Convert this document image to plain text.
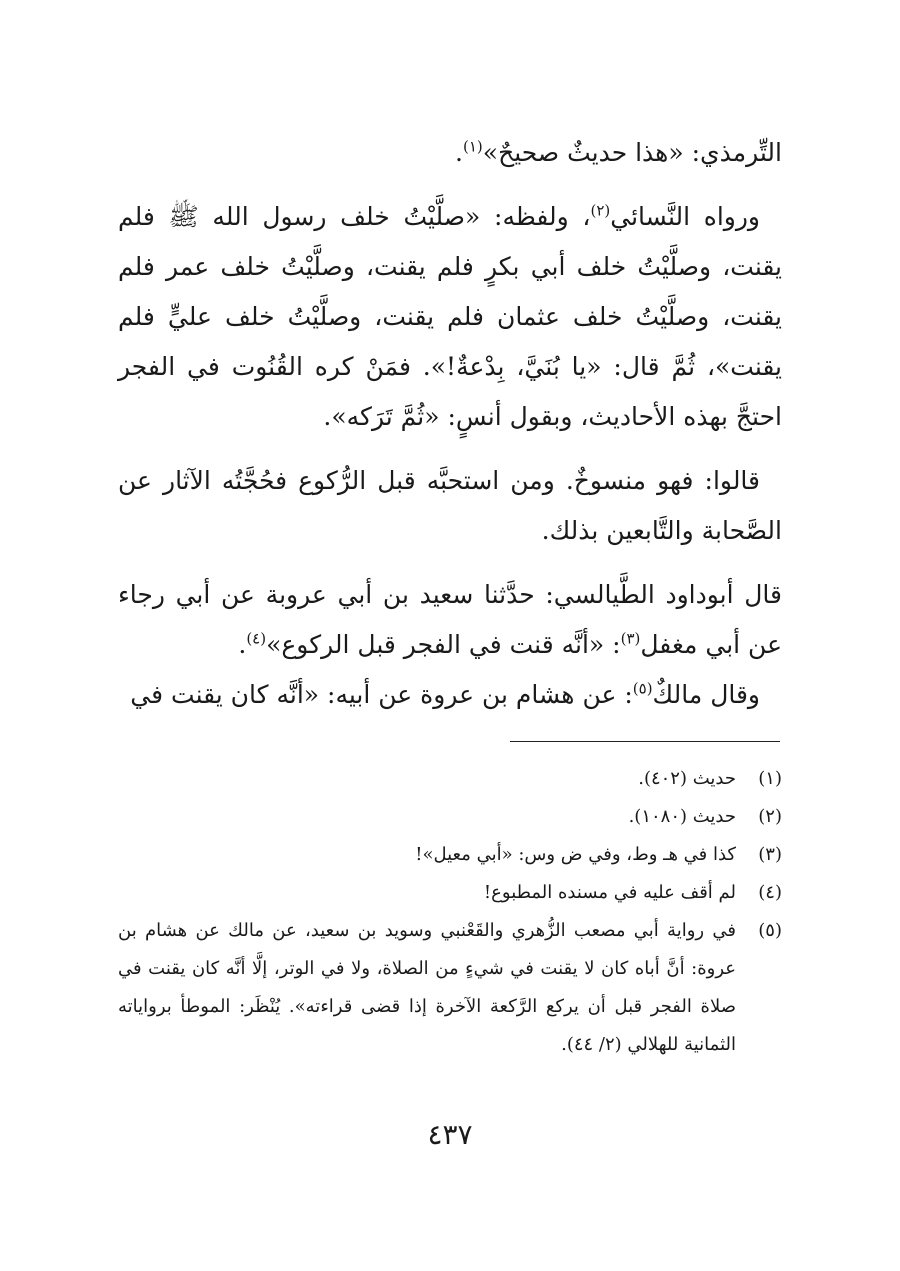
التِّرمذي: «هذا حديثٌ صحيحٌ»$^{(١)}$.

ورواه النَّسائي$^{(٢)}$، ولفظه: «صلَّيْتُ خلف رسول الله ﷺ فلم يقنت، وصلَّيْتُ خلف أبي بكرٍ فلم يقنت، وصلَّيْتُ خلف عمر فلم يقنت، وصلَّيْتُ خلف عثمان فلم يقنت، وصلَّيْتُ خلف عليٍّ فلم يقنت»، ثُمَّ قال: «يا بُنَيَّ، بِدْعةٌ!». فمَنْ كره القُنُوت في الفجر احتجَّ بهذه الأحاديث، وبقول أنسٍ: «ثُمَّ تَرَكه».

قالوا: فهو منسوخٌ. ومن استحبَّه قبل الرُّكوع فحُجَّتُه الآثار عن الصَّحابة والتَّابعين بذلك.

قال أبوداود الطَّيالسي: حدَّثنا سعيد بن أبي عروبة عن أبي رجاء عن أبي مغفل$^{(٣)}$: «أنَّه قنت في الفجر قبل الركوع»$^{(٤)}$.

وقال مالكٌ$^{(٥)}$: عن هشام بن عروة عن أبيه: «أنَّه كان يقنت في

(١)
حديث (٤٠٢).
(٢)
حديث (١٠٨٠).
(٣)
كذا في هـ وط، وفي ض وس: «أبي معيل»!
(٤)
لم أقف عليه في مسنده المطبوع!
(٥)
في رواية أبي مصعب الزُّهري والقَعْنبي وسويد بن سعيد، عن مالك عن هشام بن عروة: أنَّ أباه كان لا يقنت في شيءٍ من الصلاة، ولا في الوتر، إلَّا أنَّه كان يقنت في صلاة الفجر قبل أن يركع الرَّكعة الآخرة إذا قضى قراءته». يُنْظَر: الموطأ برواياته الثمانية للهلالي (٢/ ٤٤).
٤٣٧
